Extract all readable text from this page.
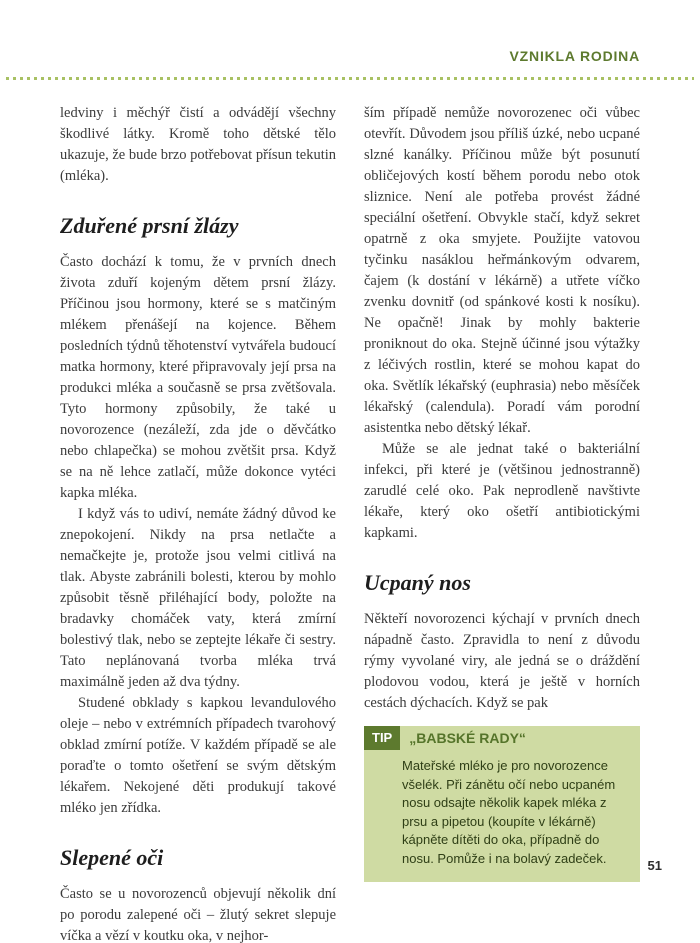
VZNIKLA RODINA

ledviny i měchýř čistí a odvádějí všechny škodlivé látky. Kromě toho dětské tělo ukazuje, že bude brzo potřebovat přísun tekutin (mléka).

Zduřené prsní žlázy

Často dochází k tomu, že v prvních dnech života zduří kojeným dětem prsní žlázy. Příčinou jsou hormony, které se s matčiným mlékem přenášejí na kojence. Během posledních týdnů těhotenství vytvářela budoucí matka hormony, které připravovaly její prsa na produkci mléka a současně se prsa zvětšovala. Tyto hormony způsobily, že také u novorozence (nezáleží, zda jde o děvčátko nebo chlapečka) se mohou zvětšit prsa. Když se na ně lehce zatlačí, může dokonce vytéci kapka mléka.

I když vás to udiví, nemáte žádný důvod ke znepokojení. Nikdy na prsa netlačte a nemačkejte je, protože jsou velmi citlivá na tlak. Abyste zabránili bolesti, kterou by mohlo způsobit těsně přiléhající body, položte na bradavky chomáček vaty, která zmírní bolestivý tlak, nebo se zeptejte lékaře či sestry. Tato neplánovaná tvorba mléka trvá maximálně jeden až dva týdny.

Studené obklady s kapkou levandulového oleje – nebo v extrémních případech tvarohový obklad zmírní potíže. V každém případě se ale poraďte o tomto ošetření se svým dětským lékařem. Nekojené děti produkují takové mléko jen zřídka.

Slepené oči

Často se u novorozenců objevují několik dní po porodu zalepené oči – žlutý sekret slepuje víčka a vězí v koutku oka, v nejhor-

ším případě nemůže novorozenec oči vůbec otevřít. Důvodem jsou příliš úzké, nebo ucpané slzné kanálky. Příčinou může být posunutí obličejových kostí během porodu nebo otok sliznice. Není ale potřeba provést žádné speciální ošetření. Obvykle stačí, když sekret opatrně z oka smyjete. Použijte vatovou tyčinku nasáklou heřmánkovým odvarem, čajem (k dostání v lékárně) a utřete víčko zvenku dovnitř (od spánkové kosti k nosíku). Ne opačně! Jinak by mohly bakterie proniknout do oka. Stejně účinné jsou výtažky z léčivých rostlin, které se mohou kapat do oka. Světlík lékařský (euphrasia) nebo měsíček lékařský (calendula). Poradí vám porodní asistentka nebo dětský lékař.

Může se ale jednat také o bakteriální infekci, při které je (většinou jednostranně) zarudlé celé oko. Pak neprodleně navštivte lékaře, který oko ošetří antibiotickými kapkami.

Ucpaný nos

Někteří novorozenci kýchají v prvních dnech nápadně často. Zpravidla to není z důvodu rýmy vyvolané viry, ale jedná se o dráždění plodovou vodou, která je ještě v horních cestách dýchacích. Když se pak

TIP	„BABSKÉ RADY“

Mateřské mléko je pro novorozence všelék. Při zánětu očí nebo ucpaném nosu odsajte několik kapek mléka z prsu a pipetou (koupíte v lékárně) kápněte dítěti do oka, případně do nosu. Pomůže i na bolavý zadeček.	51
